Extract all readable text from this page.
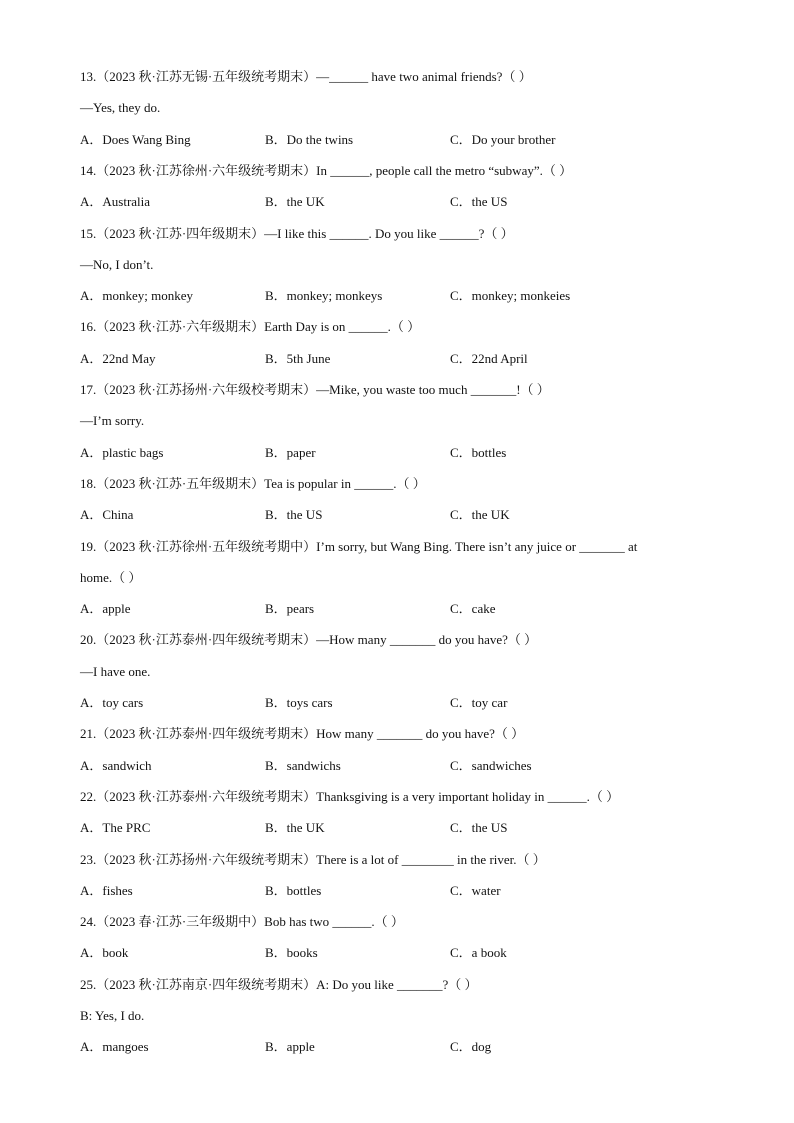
13.（2023 秋·江苏无锡·五年级统考期末）—______ have two animal friends?（ ）
—Yes, they do.
A．Does Wang Bing	B．Do the twins	C．Do your brother
14.（2023 秋·江苏徐州·六年级统考期末）In ______, people call the metro “subway”.（ ）
A．Australia	B．the UK	C．the US
15.（2023 秋·江苏·四年级期末）—I like this ______. Do you like ______?（ ）
—No, I don’t.
A．monkey; monkey	B．monkey; monkeys	C．monkey; monkeies
16.（2023 秋·江苏·六年级期末）Earth Day is on ______.（ ）
A．22nd May	B．5th June	C．22nd April
17.（2023 秋·江苏扬州·六年级校考期末）—Mike, you waste too much _______!（ ）
—I’m sorry.
A．plastic bags	B．paper	C．bottles
18.（2023 秋·江苏·五年级期末）Tea is popular in ______.（ ）
A．China	B．the US	C．the UK
19.（2023 秋·江苏徐州·五年级统考期中）I’m sorry, but Wang Bing. There isn’t any juice or _______ at
home.（ ）
A．apple	B．pears	C．cake
20.（2023 秋·江苏泰州·四年级统考期末）—How many _______ do you have?（ ）
—I have one.
A．toy cars	B．toys cars	C．toy car
21.（2023 秋·江苏泰州·四年级统考期末）How many _______ do you have?（ ）
A．sandwich	B．sandwichs	C．sandwiches
22.（2023 秋·江苏泰州·六年级统考期末）Thanksgiving is a very important holiday in ______.（ ）
A．The PRC	B．the UK	C．the US
23.（2023 秋·江苏扬州·六年级统考期末）There is a lot of ________ in the river.（ ）
A．fishes	B．bottles	C．water
24.（2023 春·江苏·三年级期中）Bob has two ______.（ ）
A．book	B．books	C．a book
25.（2023 秋·江苏南京·四年级统考期末）A: Do you like _______?（ ）
B: Yes, I do.
A．mangoes	B．apple	C．dog
